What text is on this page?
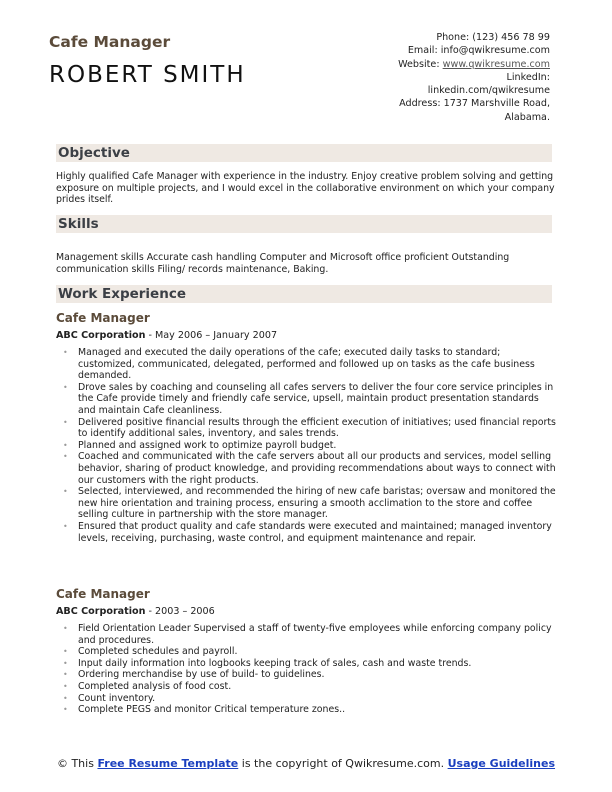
Cafe Manager
ROBERT SMITH
Phone: (123) 456 78 99
Email: info@qwikresume.com
Website: www.qwikresume.com
LinkedIn:
linkedin.com/qwikresume
Address: 1737 Marshville Road,
Alabama.
Objective
Highly qualified Cafe Manager with experience in the industry. Enjoy creative problem solving and getting exposure on multiple projects, and I would excel in the collaborative environment on which your company prides itself.
Skills
Management skills Accurate cash handling Computer and Microsoft office proficient Outstanding communication skills Filing/ records maintenance, Baking.
Work Experience
Cafe Manager
ABC Corporation - May 2006 – January 2007
• Managed and executed the daily operations of the cafe; executed daily tasks to standard; customized, communicated, delegated, performed and followed up on tasks as the cafe business demanded.
• Drove sales by coaching and counseling all cafes servers to deliver the four core service principles in the Cafe provide timely and friendly cafe service, upsell, maintain product presentation standards and maintain Cafe cleanliness.
• Delivered positive financial results through the efficient execution of initiatives; used financial reports to identify additional sales, inventory, and sales trends.
• Planned and assigned work to optimize payroll budget.
• Coached and communicated with the cafe servers about all our products and services, model selling behavior, sharing of product knowledge, and providing recommendations about ways to connect with our customers with the right products.
• Selected, interviewed, and recommended the hiring of new cafe baristas; oversaw and monitored the new hire orientation and training process, ensuring a smooth acclimation to the store and coffee selling culture in partnership with the store manager.
• Ensured that product quality and cafe standards were executed and maintained; managed inventory levels, receiving, purchasing, waste control, and equipment maintenance and repair.
Cafe Manager
ABC Corporation - 2003 – 2006
• Field Orientation Leader Supervised a staff of twenty-five employees while enforcing company policy and procedures.
• Completed schedules and payroll.
• Input daily information into logbooks keeping track of sales, cash and waste trends.
• Ordering merchandise by use of build- to guidelines.
• Completed analysis of food cost.
• Count inventory.
• Complete PEGS and monitor Critical temperature zones..
© This Free Resume Template is the copyright of Qwikresume.com. Usage Guidelines
